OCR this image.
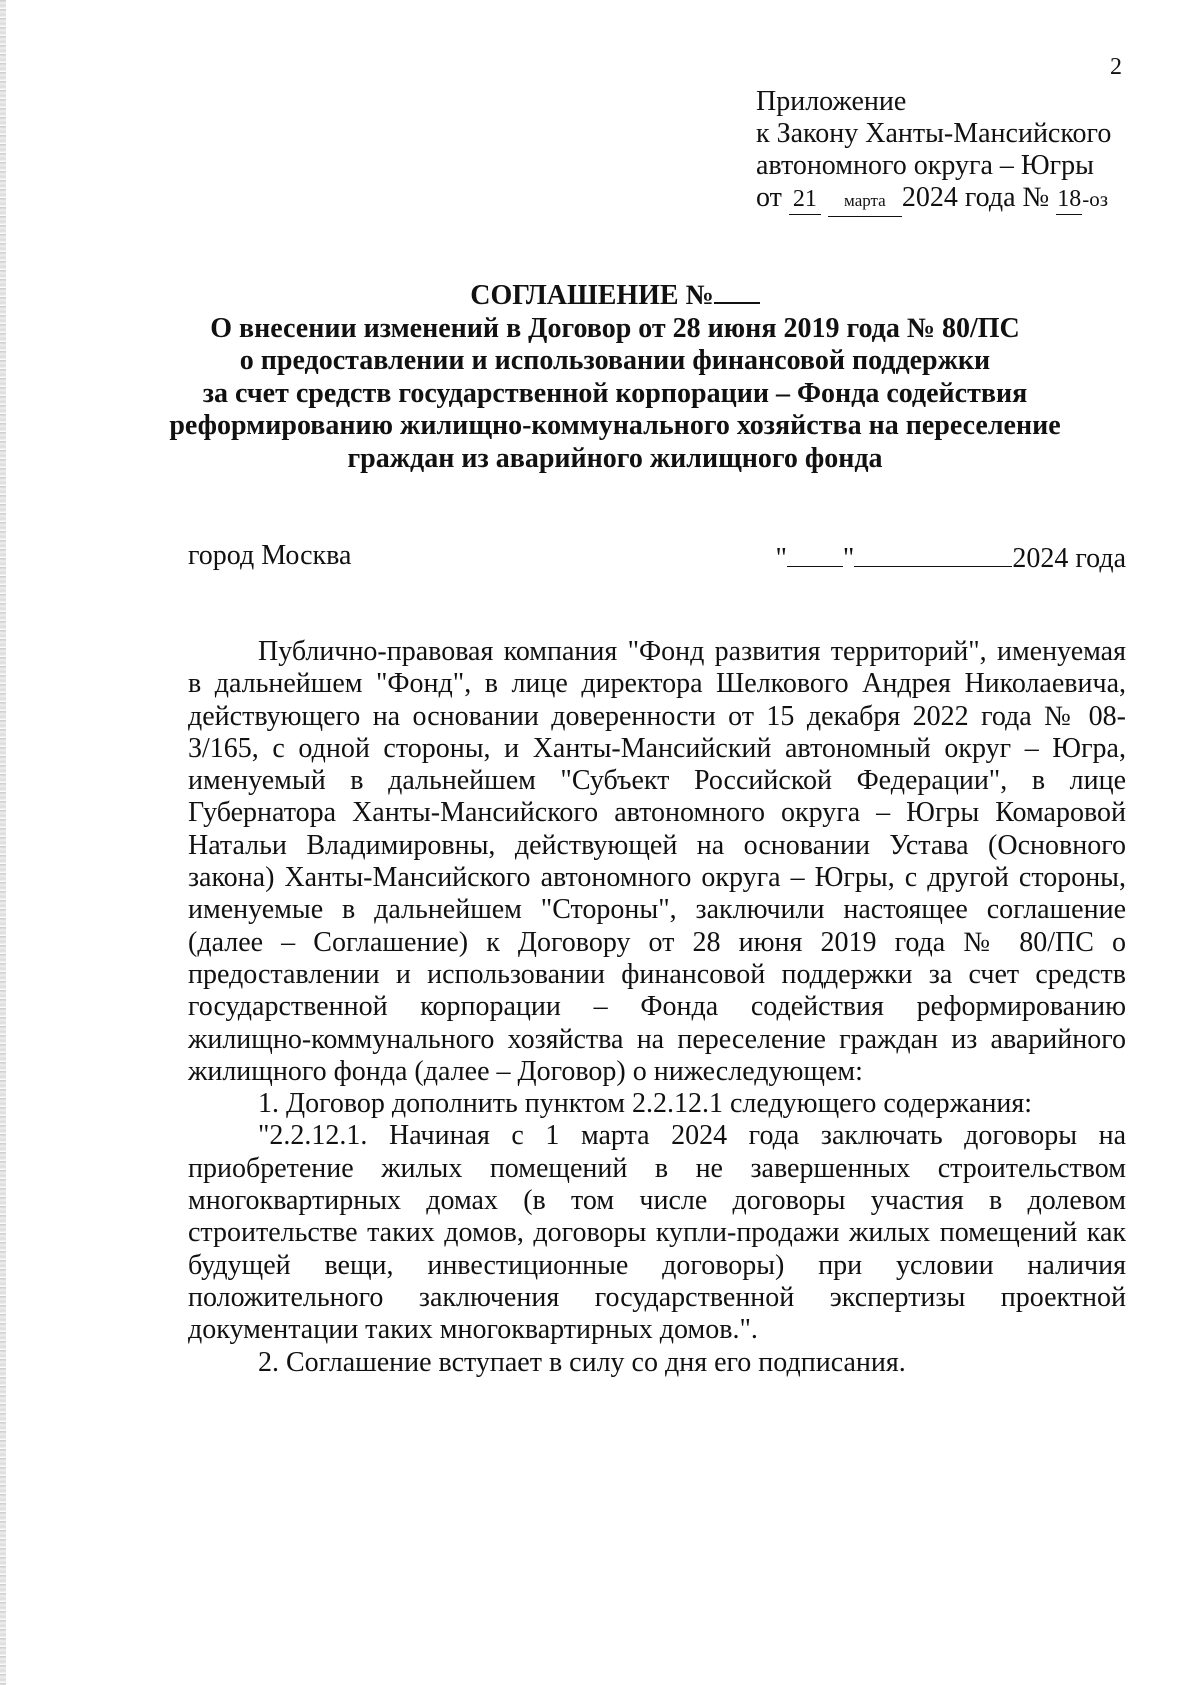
2
Приложение
к Закону Ханты-Мансийского
автономного округа – Югры
от 21 марта 2024 года № 18-оз
СОГЛАШЕНИЕ №
О внесении изменений в Договор от 28 июня 2019 года № 80/ПС
о предоставлении и использовании финансовой поддержки
за счет средств государственной корпорации – Фонда содействия
реформированию жилищно-коммунального хозяйства на переселение
граждан из аварийного жилищного фонда
город Москва	" "	2024 года

Публично-правовая компания "Фонд развития территорий", именуемая в дальнейшем "Фонд", в лице директора Шелкового Андрея Николаевича, действующего на основании доверенности от 15 декабря 2022 года № 08-3/165, с одной стороны, и Ханты-Мансийский автономный округ – Югра, именуемый в дальнейшем "Субъект Российской Федерации", в лице Губернатора Ханты-Мансийского автономного округа – Югры Комаровой Натальи Владимировны, действующей на основании Устава (Основного закона) Ханты-Мансийского автономного округа – Югры, с другой стороны, именуемые в дальнейшем "Стороны", заключили настоящее соглашение (далее – Соглашение) к Договору от 28 июня 2019 года № 80/ПС о предоставлении и использовании финансовой поддержки за счет средств государственной корпорации – Фонда содействия реформированию жилищно-коммунального хозяйства на переселение граждан из аварийного жилищного фонда (далее – Договор) о нижеследующем:

1. Договор дополнить пунктом 2.2.12.1 следующего содержания:

"2.2.12.1. Начиная с 1 марта 2024 года заключать договоры на приобретение жилых помещений в не завершенных строительством многоквартирных домах (в том числе договоры участия в долевом строительстве таких домов, договоры купли-продажи жилых помещений как будущей вещи, инвестиционные договоры) при условии наличия положительного заключения государственной экспертизы проектной документации таких многоквартирных домов.".

2. Соглашение вступает в силу со дня его подписания.
